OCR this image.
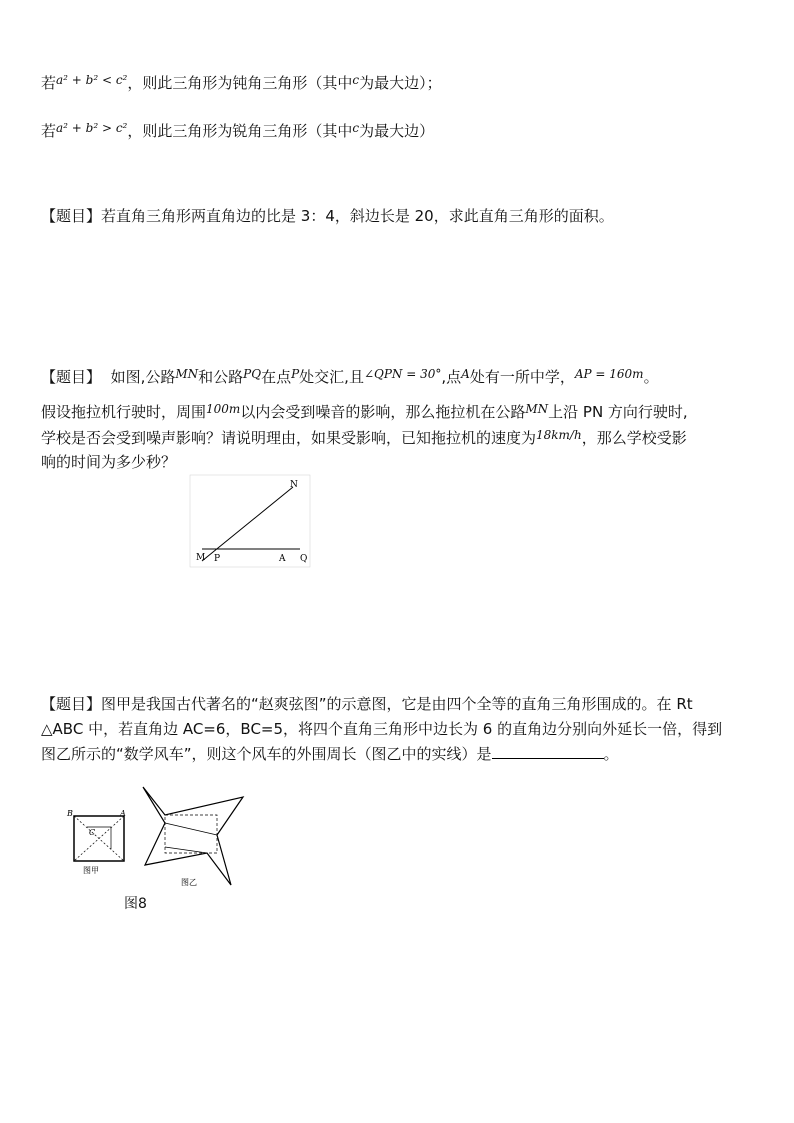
若$^{a^2 + b^2 < c^2}$，则此三角形为钝角三角形（其中$^c$为最大边）；
若$^{a^2 + b^2 > c^2}$，则此三角形为锐角三角形（其中$^c$为最大边）
【题目】若直角三角形两直角边的比是 3：4，斜边长是 20，求此直角三角形的面积。
【题目】 如图,公路$^{MN}$和公路$^{PQ}$在点$^P$处交汇,且$^{\angle QPN = 30^\circ}$,点$^A$处有一所中学，$^{AP = 160m}$。
假设拖拉机行驶时，周围$^{100m}$以内会受到噪音的影响，那么拖拉机在公路$^{MN}$上沿 PN 方向行驶时,
学校是否会受到噪声影响？请说明理由，如果受影响，已知拖拉机的速度为$^{18km/h}$，那么学校受影
响的时间为多少秒？
N
M P	A Q
【题目】图甲是我国古代著名的“赵爽弦图”的示意图，它是由四个全等的直角三角形围成的。在 Rt
△ABC 中，若直角边 AC=6，BC=5，将四个直角三角形中边长为 6 的直角边分别向外延长一倍，得到
图乙所示的“数学风车”，则这个风车的外围周长（图乙中的实线）是	。
B	A
C
图甲
图乙
图8
